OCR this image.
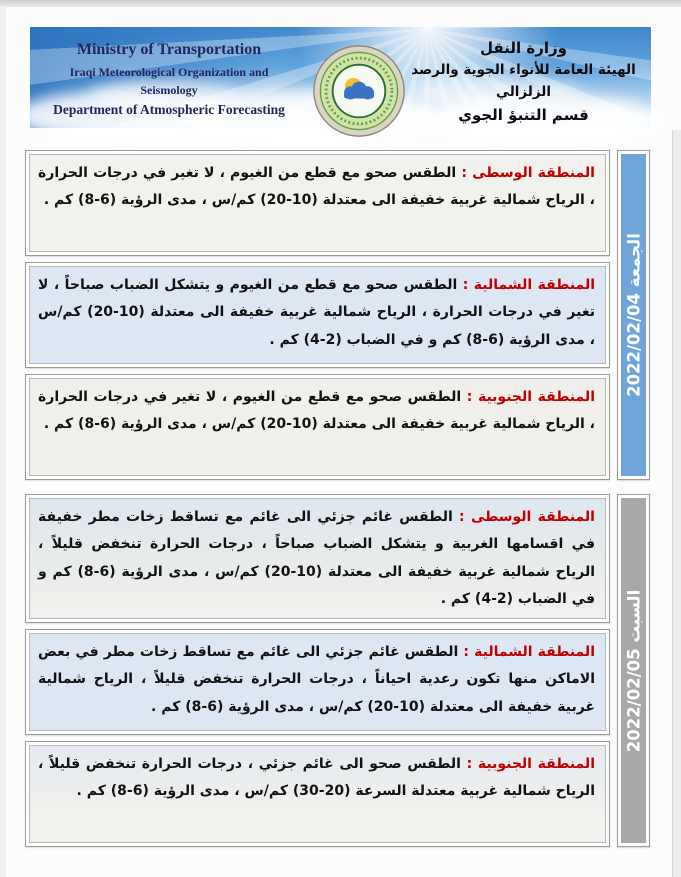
Ministry of Transportation
Iraqi Meteorological Organization and Seismology
Department of Atmospheric Forecasting
وزارة النقل
الهيئة العامة للأنواء الجوية والرصد الزلزالي
قسم التنبؤ الجوي

المنطقة الوسطى : الطقس صحو مع قطع من الغيوم ، لا تغير في درجات الحرارة ، الرياح شمالية غربية خفيفة الى معتدلة (10-20) كم/س ، مدى الرؤية (6-8) كم .

المنطقة الشمالية : الطقس صحو مع قطع من الغيوم و يتشكل الضباب صباحاً ، لا تغير في درجات الحرارة ، الرياح شمالية غربية خفيفة الى معتدلة (10-20) كم/س ، مدى الرؤية (6-8) كم و في الضباب (2-4) كم .

المنطقة الجنوبية : الطقس صحو مع قطع من الغيوم ، لا تغير في درجات الحرارة ، الرياح شمالية غربية خفيفة الى معتدلة (10-20) كم/س ، مدى الرؤية (6-8) كم .

الجمعة 2022/02/04

المنطقة الوسطى : الطقس غائم جزئي الى غائم مع تساقط زخات مطر خفيفة في اقسامها الغربية و يتشكل الضباب صباحاً ، درجات الحرارة تنخفض قليلاً ، الرياح شمالية غربية خفيفة الى معتدلة (10-20) كم/س ، مدى الرؤية (6-8) كم و في الضباب (2-4) كم .

المنطقة الشمالية : الطقس غائم جزئي الى غائم مع تساقط زخات مطر في بعض الاماكن منها تكون رعدية احياناً ، درجات الحرارة تنخفض قليلاً ، الرياح شمالية غربية خفيفة الى معتدلة (10-20) كم/س ، مدى الرؤية (6-8) كم .

المنطقة الجنوبية : الطقس صحو الى غائم جزئي ، درجات الحرارة تنخفض قليلاً ، الرياح شمالية غربية معتدلة السرعة (20-30) كم/س ، مدى الرؤية (6-8) كم .

السبت 2022/02/05
